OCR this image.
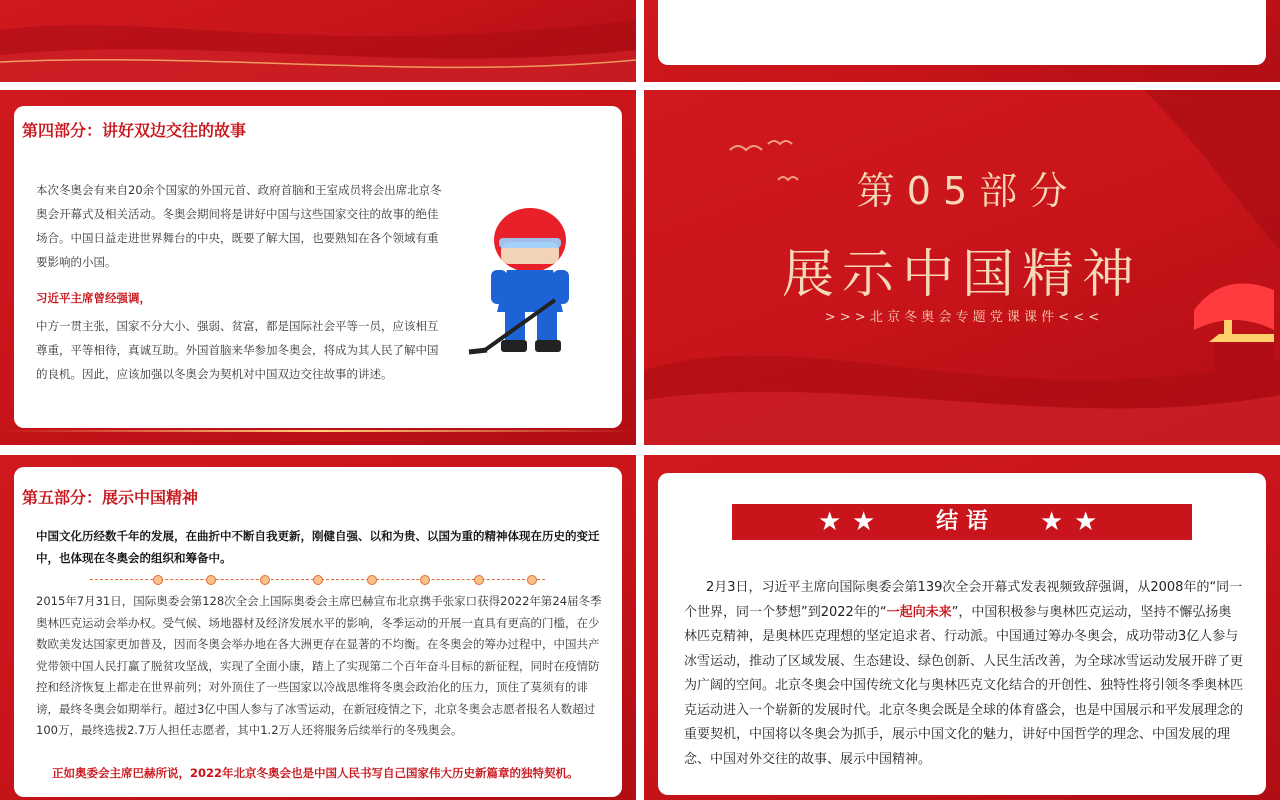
第四部分：讲好双边交往的故事
本次冬奥会有来自20余个国家的外国元首、政府首脑和王室成员将会出席北京冬奥会开幕式及相关活动。冬奥会期间将是讲好中国与这些国家交往的故事的绝佳场合。中国日益走进世界舞台的中央，既要了解大国，也要熟知在各个领域有重要影响的小国。
习近平主席曾经强调，
中方一贯主张，国家不分大小、强弱、贫富，都是国际社会平等一员，应该相互尊重，平等相待，真诚互助。外国首脑来华参加冬奥会，将成为其人民了解中国的良机。因此，应该加强以冬奥会为契机对中国双边交往故事的讲述。
第 0 5 部 分
展示中国精神
> > > 北 京 冬 奥 会 专 题 党 课 课 件 < < <
第五部分：展示中国精神
中国文化历经数千年的发展，在曲折中不断自我更新，刚健自强、以和为贵、以国为重的精神体现在历史的变迁中，也体现在冬奥会的组织和筹备中。
2015年7月31日，国际奥委会第128次全会上国际奥委会主席巴赫宣布北京携手张家口获得2022年第24届冬季奥林匹克运动会举办权。受气候、场地器材及经济发展水平的影响，冬季运动的开展一直具有更高的门槛，在少数欧美发达国家更加普及，因而冬奥会举办地在各大洲更存在显著的不均衡。在冬奥会的筹办过程中，中国共产党带领中国人民打赢了脱贫攻坚战，实现了全面小康，踏上了实现第二个百年奋斗目标的新征程，同时在疫情防控和经济恢复上都走在世界前列；对外顶住了一些国家以冷战思维将冬奥会政治化的压力，顶住了莫须有的诽谤，最终冬奥会如期举行。超过3亿中国人参与了冰雪运动，在新冠疫情之下，北京冬奥会志愿者报名人数超过100万，最终选拔2.7万人担任志愿者，其中1.2万人还将服务后续举行的冬残奥会。
正如奥委会主席巴赫所说，2022年北京冬奥会也是中国人民书写自己国家伟大历史新篇章的独特契机。
★ ★	结 语	★ ★
2月3日，习近平主席向国际奥委会第139次全会开幕式发表视频致辞强调，从2008年的“同一个世界，同一个梦想”到2022年的“一起向未来”，中国积极参与奥林匹克运动，坚持不懈弘扬奥林匹克精神，是奥林匹克理想的坚定追求者、行动派。中国通过筹办冬奥会，成功带动3亿人参与冰雪运动，推动了区域发展、生态建设、绿色创新、人民生活改善，为全球冰雪运动发展开辟了更为广阔的空间。北京冬奥会中国传统文化与奥林匹克文化结合的开创性、独特性将引领冬季奥林匹克运动进入一个崭新的发展时代。北京冬奥会既是全球的体育盛会，也是中国展示和平发展理念的重要契机，中国将以冬奥会为抓手，展示中国文化的魅力，讲好中国哲学的理念、中国发展的理念、中国对外交往的故事、展示中国精神。
